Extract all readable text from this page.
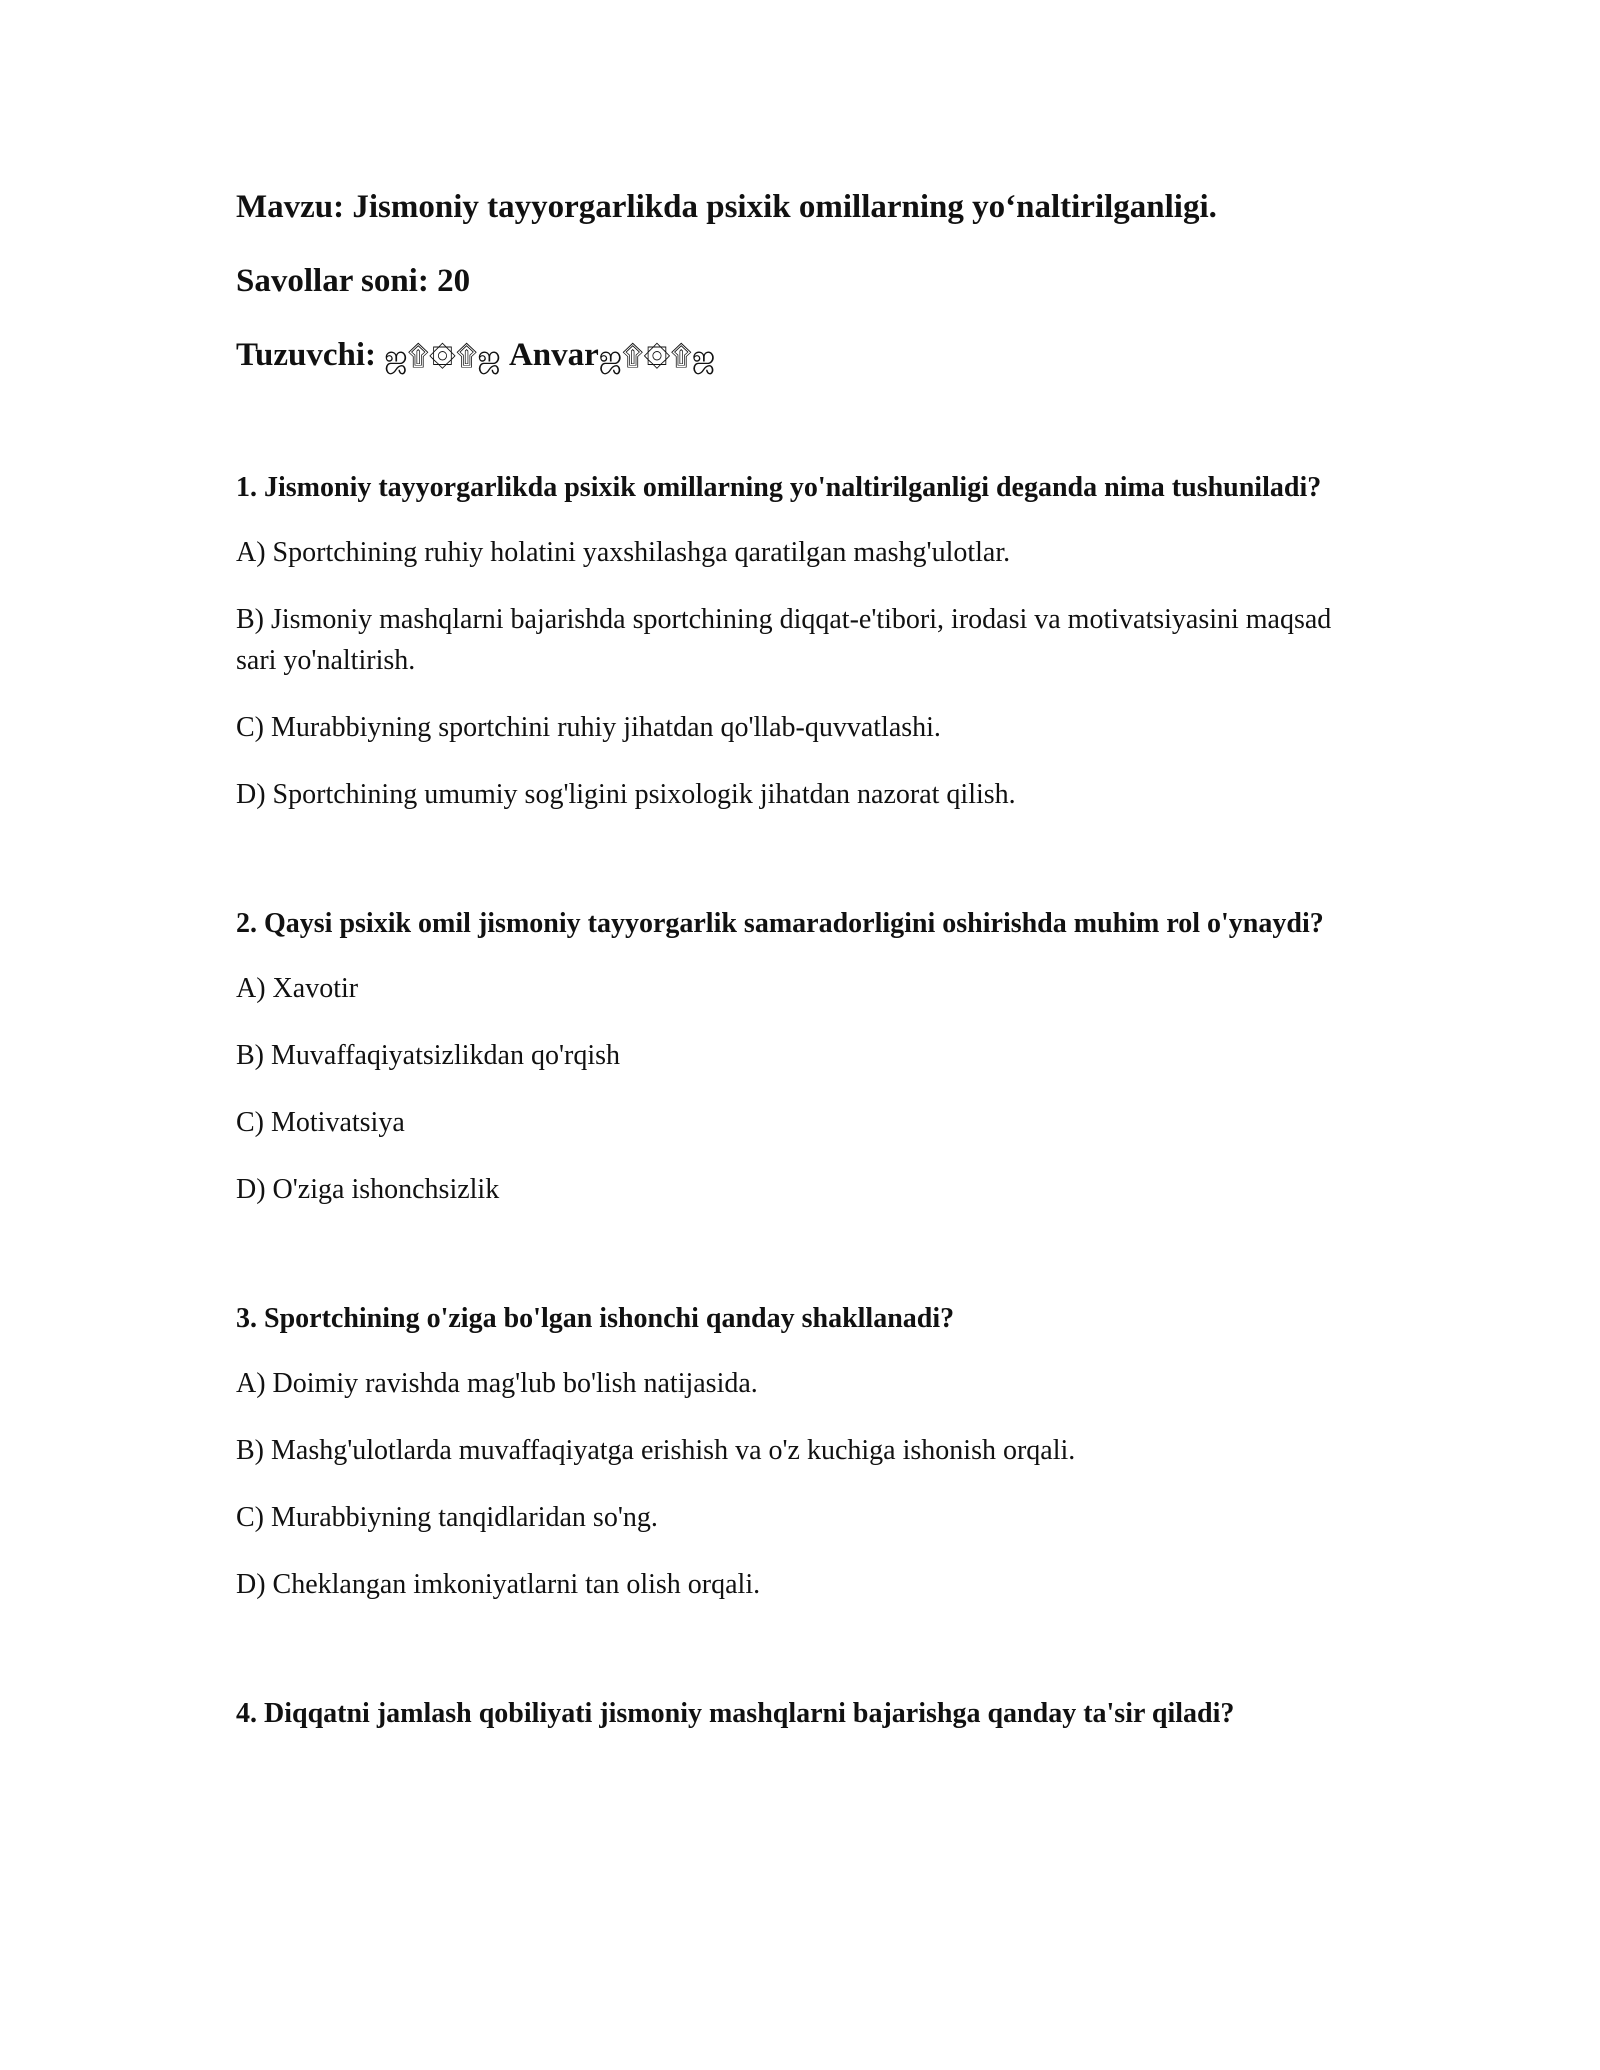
Mavzu: Jismoniy tayyorgarlikda psixik omillarning yo‘naltirilganligi.
Savollar soni: 20
Tuzuvchi: ஜ۩۞۩ஜ Anvarஜ۩۞۩ஜ
1. Jismoniy tayyorgarlikda psixik omillarning yo'naltirilganligi deganda nima tushuniladi?
A) Sportchining ruhiy holatini yaxshilashga qaratilgan mashg'ulotlar.
B) Jismoniy mashqlarni bajarishda sportchining diqqat-e'tibori, irodasi va motivatsiyasini maqsad sari yo'naltirish.
C) Murabbiyning sportchini ruhiy jihatdan qo'llab-quvvatlashi.
D) Sportchining umumiy sog'ligini psixologik jihatdan nazorat qilish.
2. Qaysi psixik omil jismoniy tayyorgarlik samaradorligini oshirishda muhim rol o'ynaydi?
A) Xavotir
B) Muvaffaqiyatsizlikdan qo'rqish
C) Motivatsiya
D) O'ziga ishonchsizlik
3. Sportchining o'ziga bo'lgan ishonchi qanday shakllanadi?
A) Doimiy ravishda mag'lub bo'lish natijasida.
B) Mashg'ulotlarda muvaffaqiyatga erishish va o'z kuchiga ishonish orqali.
C) Murabbiyning tanqidlaridan so'ng.
D) Cheklangan imkoniyatlarni tan olish orqali.
4. Diqqatni jamlash qobiliyati jismoniy mashqlarni bajarishga qanday ta'sir qiladi?
